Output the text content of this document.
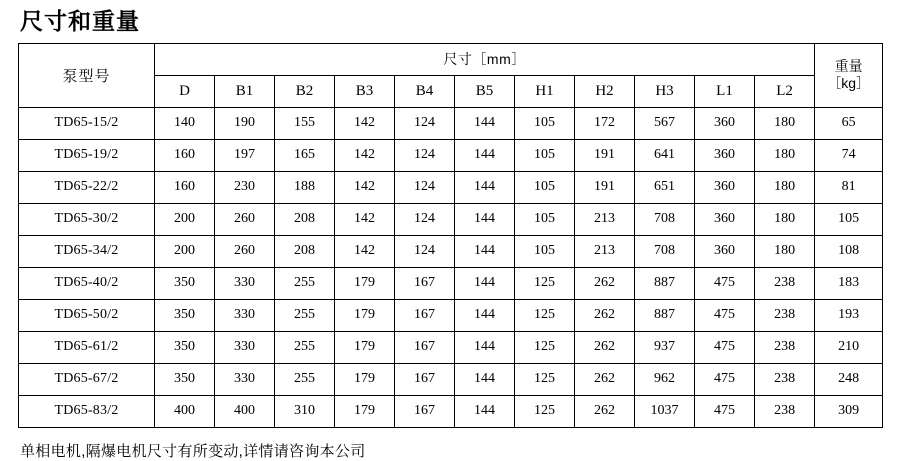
尺寸和重量
泵型号	尺寸［mm］											重量
［kg］

	D	B1	B2	B3	B4	B5	H1	H2	H3	L1	L2	
TD65-15/2	140	190	155	142	124	144	105	172	567	360	180	65
TD65-19/2	160	197	165	142	124	144	105	191	641	360	180	74
TD65-22/2	160	230	188	142	124	144	105	191	651	360	180	81
TD65-30/2	200	260	208	142	124	144	105	213	708	360	180	105
TD65-34/2	200	260	208	142	124	144	105	213	708	360	180	108
TD65-40/2	350	330	255	179	167	144	125	262	887	475	238	183
TD65-50/2	350	330	255	179	167	144	125	262	887	475	238	193
TD65-61/2	350	330	255	179	167	144	125	262	937	475	238	210
TD65-67/2	350	330	255	179	167	144	125	262	962	475	238	248
TD65-83/2	400	400	310	179	167	144	125	262	1037	475	238	309
单相电机,隔爆电机尺寸有所变动,详情请咨询本公司
